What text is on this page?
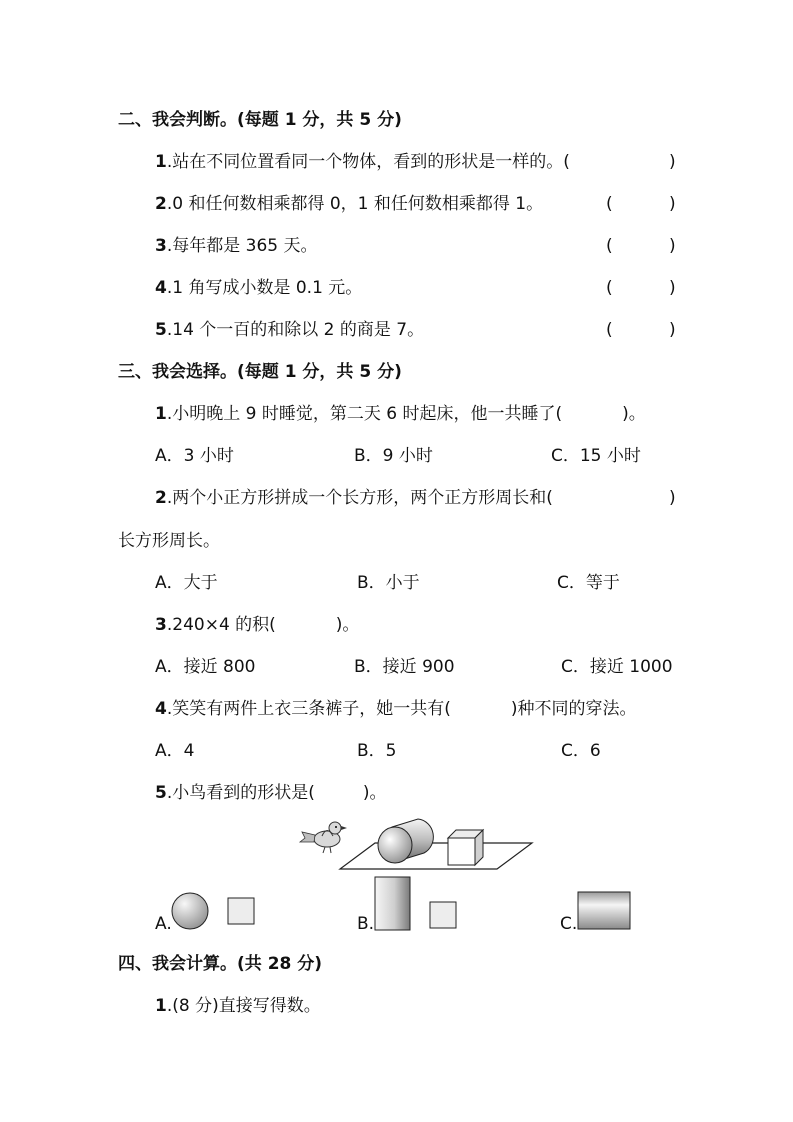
二、我会判断。(每题 1 分，共 5 分)
1.站在不同位置看同一个物体，看到的形状是一样的。(	)
2.0 和任何数相乘都得 0，1 和任何数相乘都得 1。	(	)
3.每年都是 365 天。	(	)
4.1 角写成小数是 0.1 元。	(	)
5.14 个一百的和除以 2 的商是 7。	(	)
三、我会选择。(每题 1 分，共 5 分)
1.小明晚上 9 时睡觉，第二天 6 时起床，他一共睡了(	)。
A．3 小时	B．9 小时	C．15 小时
2.两个小正方形拼成一个长方形，两个正方形周长和(	)
长方形周长。
A．大于	B．小于	C．等于
3.240×4 的积(	)。
A．接近 800	B．接近 900	C．接近 1000
4.笑笑有两件上衣三条裤子，她一共有(	)种不同的穿法。
A．4	B．5	C．6
5.小鸟看到的形状是(	)。
A.	B.	C.
四、我会计算。(共 28 分)
1.(8 分)直接写得数。
